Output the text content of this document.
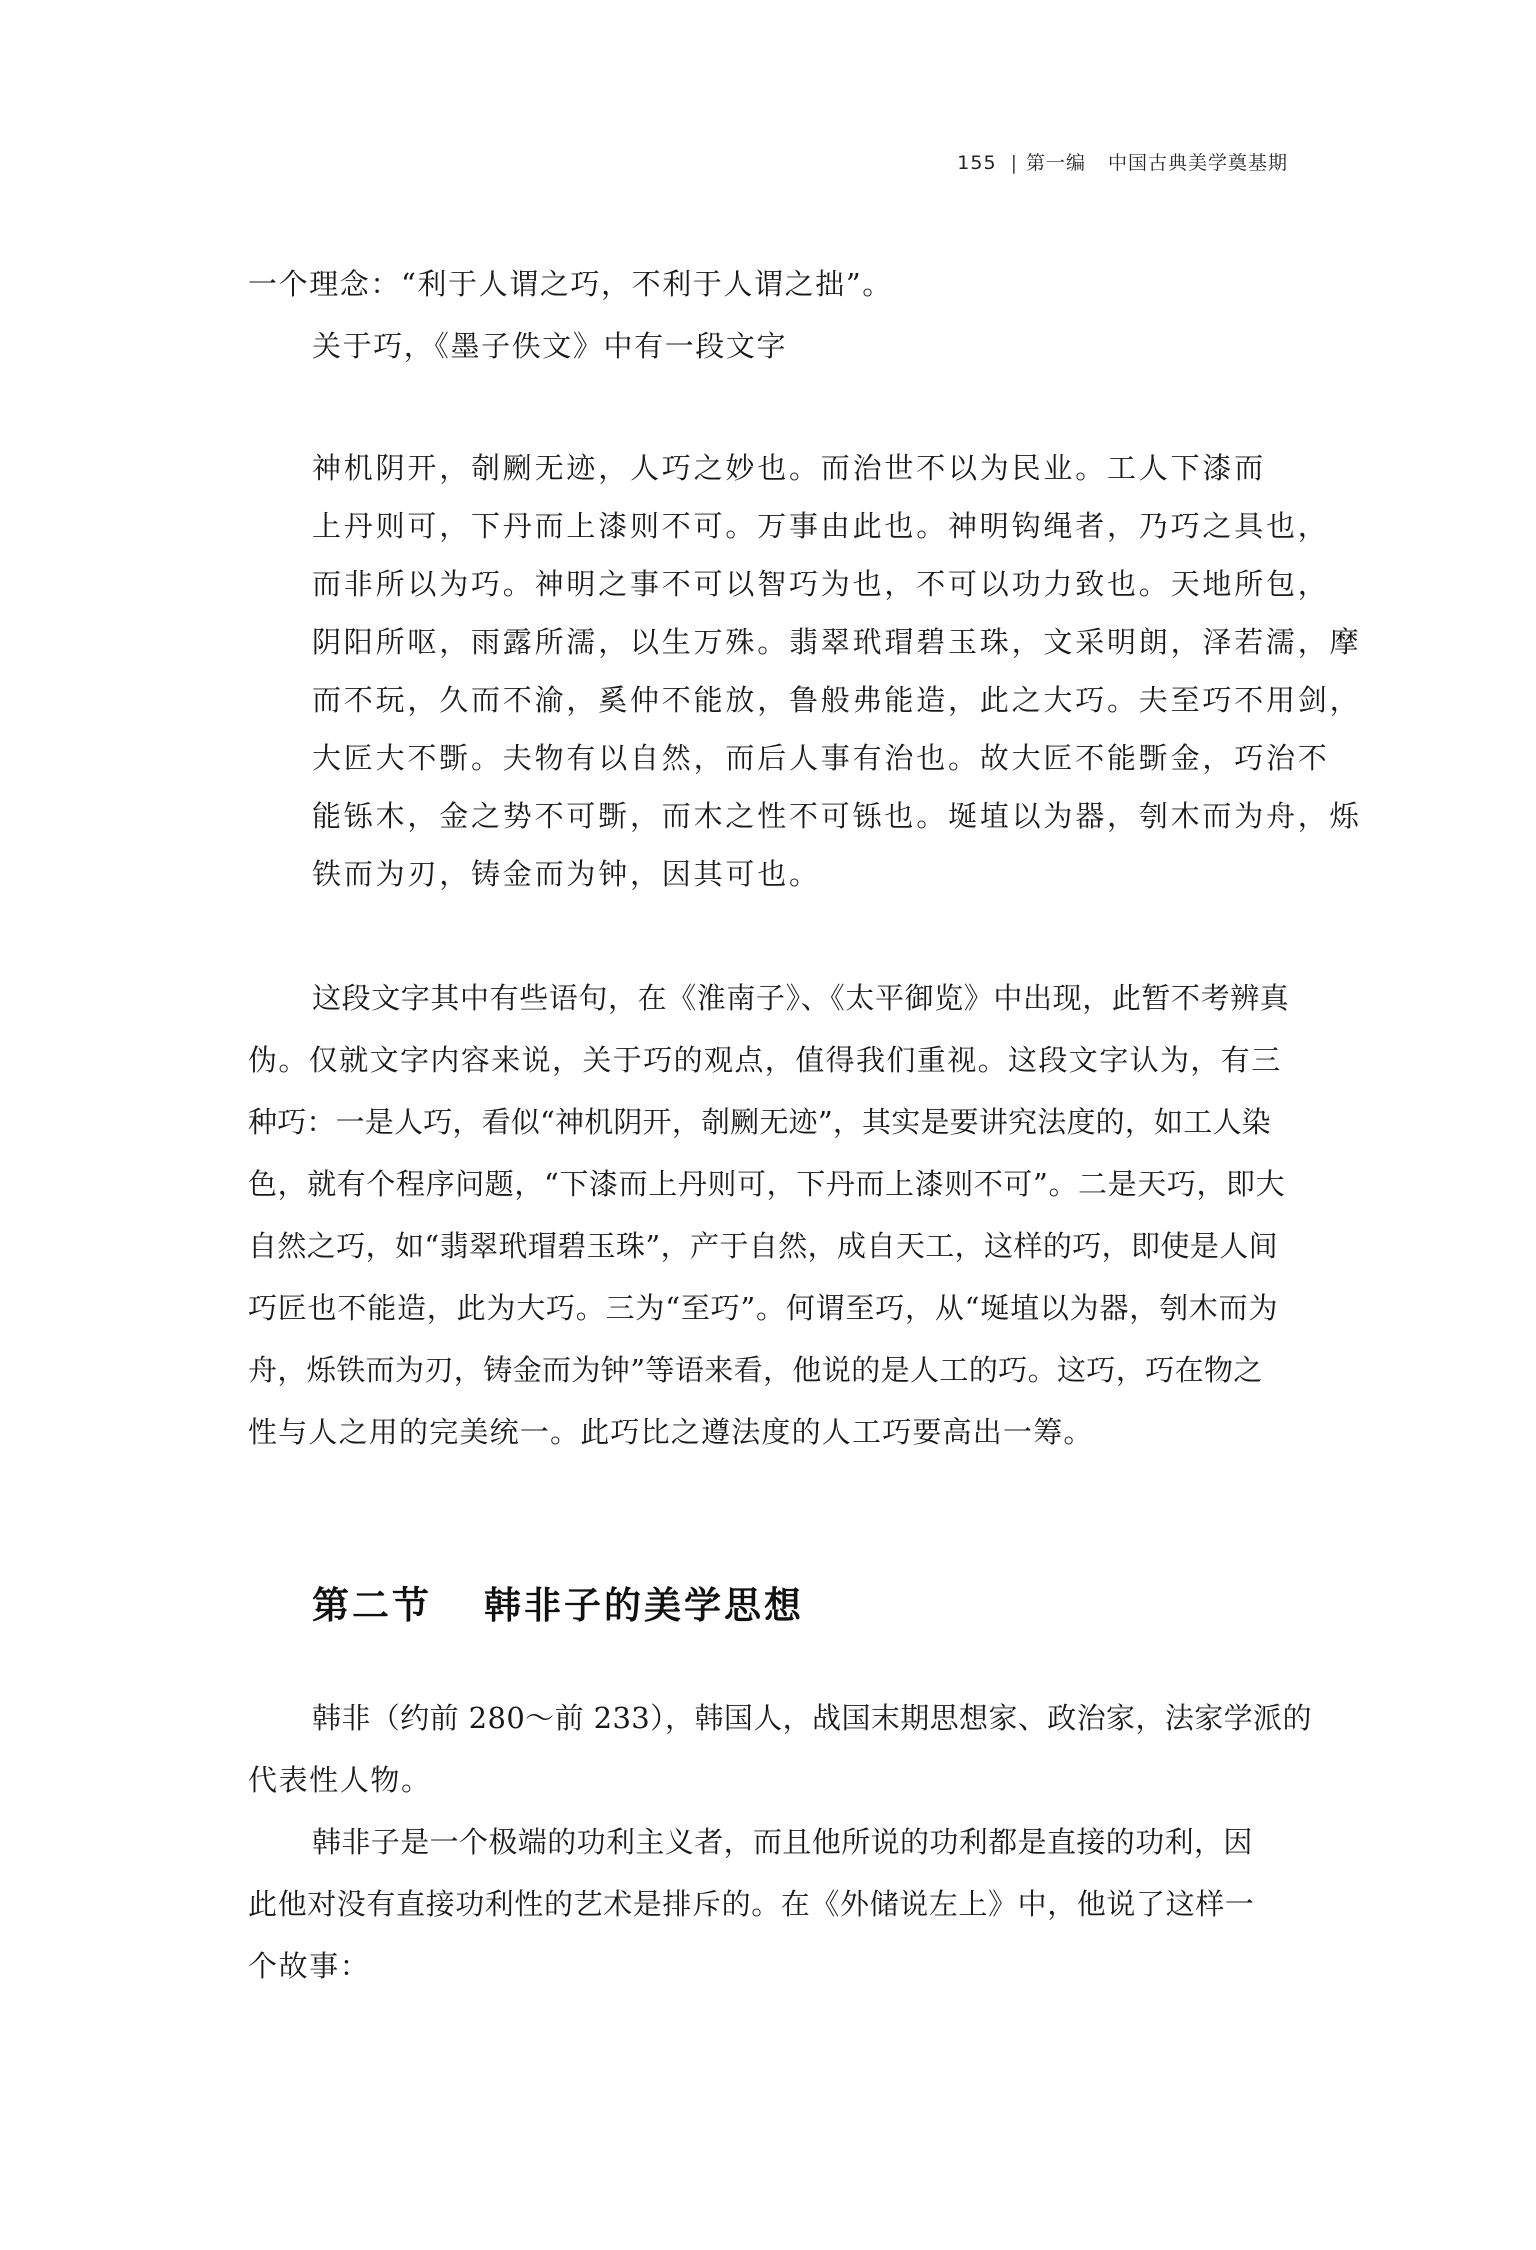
155 | 第一编 中国古典美学奠基期

一个理念：“利于人谓之巧，不利于人谓之拙”。

关于巧，《墨子佚文》中有一段文字

神机阴开，剞劂无迹，人巧之妙也。而治世不以为民业。工人下漆而

上丹则可，下丹而上漆则不可。万事由此也。神明钩绳者，乃巧之具也，

而非所以为巧。神明之事不可以智巧为也，不可以功力致也。天地所包，

阴阳所呕，雨露所濡，以生万殊。翡翠玳瑁碧玉珠，文采明朗，泽若濡，摩

而不玩，久而不渝，奚仲不能放，鲁般弗能造，此之大巧。夫至巧不用剑，

大匠大不斲。夫物有以自然，而后人事有治也。故大匠不能斲金，巧治不

能铄木，金之势不可斲，而木之性不可铄也。埏埴以为器，刳木而为舟，烁

铁而为刃，铸金而为钟，因其可也。

这段文字其中有些语句，在《淮南子》、《太平御览》中出现，此暂不考辨真

伪。仅就文字内容来说，关于巧的观点，值得我们重视。这段文字认为，有三

种巧：一是人巧，看似“神机阴开，剞劂无迹”，其实是要讲究法度的，如工人染

色，就有个程序问题，“下漆而上丹则可，下丹而上漆则不可”。二是天巧，即大

自然之巧，如“翡翠玳瑁碧玉珠”，产于自然，成自天工，这样的巧，即使是人间

巧匠也不能造，此为大巧。三为“至巧”。何谓至巧，从“埏埴以为器，刳木而为

舟，烁铁而为刃，铸金而为钟”等语来看，他说的是人工的巧。这巧，巧在物之

性与人之用的完美统一。此巧比之遵法度的人工巧要高出一筹。

第二节 韩非子的美学思想

韩非（约前 280～前 233），韩国人，战国末期思想家、政治家，法家学派的

代表性人物。

韩非子是一个极端的功利主义者，而且他所说的功利都是直接的功利，因

此他对没有直接功利性的艺术是排斥的。在《外储说左上》中，他说了这样一

个故事：
